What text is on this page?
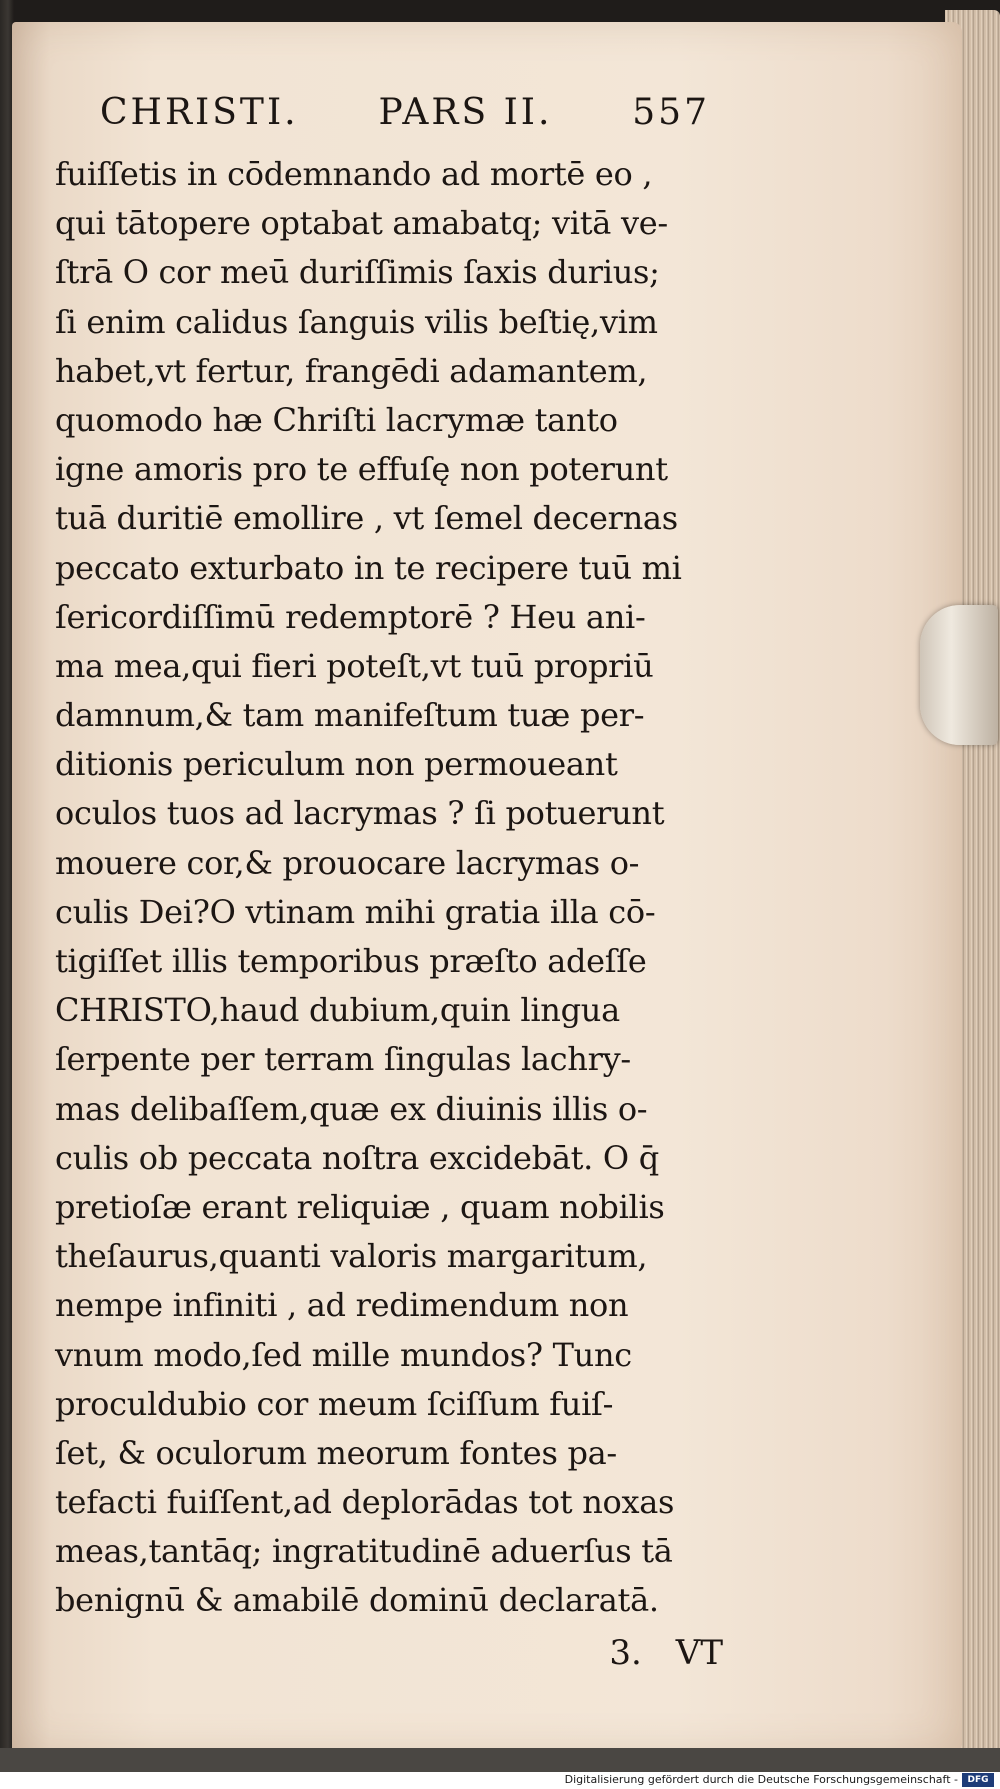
CHRISTI. PARS II. 557
fuiſſetis in cōdemnando ad mortē eo ,
qui tātopere optabat amabatq; vitā ve-
ſtrā O cor meū duriſſimis ſaxis durius;
ſi enim calidus ſanguis vilis beſtię,vim
habet,vt fertur, frangēdi adamantem,
quomodo hæ Chriſti lacrymæ tanto
igne amoris pro te effuſę non poterunt
tuā duritiē emollire , vt ſemel decernas
peccato exturbato in te recipere tuū mi
ſericordiſſimū redemptorē ? Heu ani-
ma mea,qui fieri poteſt,vt tuū propriū
damnum,& tam manifeſtum tuæ per-
ditionis periculum non permoueant
oculos tuos ad lacrymas ? ſi potuerunt
mouere cor,& prouocare lacrymas o-
culis Dei?O vtinam mihi gratia illa cō-
tigiſſet illis temporibus præſto adeſſe
CHRISTO,haud dubium,quin lingua
ſerpente per terram ſingulas lachry-
mas delibaſſem,quæ ex diuinis illis o-
culis ob peccata noſtra excidebāt. O q̄
pretioſæ erant reliquiæ , quam nobilis
theſaurus,quanti valoris margaritum,
nempe infiniti , ad redimendum non
vnum modo,ſed mille mundos? Tunc
proculdubio cor meum ſciſſum fuiſ-
ſet, & oculorum meorum fontes pa-
tefacti fuiſſent,ad deplorādas tot noxas
meas,tantāq; ingratitudinē aduerſus tā
benignū & amabilē dominū declaratā.
3. VT
Digitalisierung gefördert durch die Deutsche Forschungsgemeinschaft -	DFG
